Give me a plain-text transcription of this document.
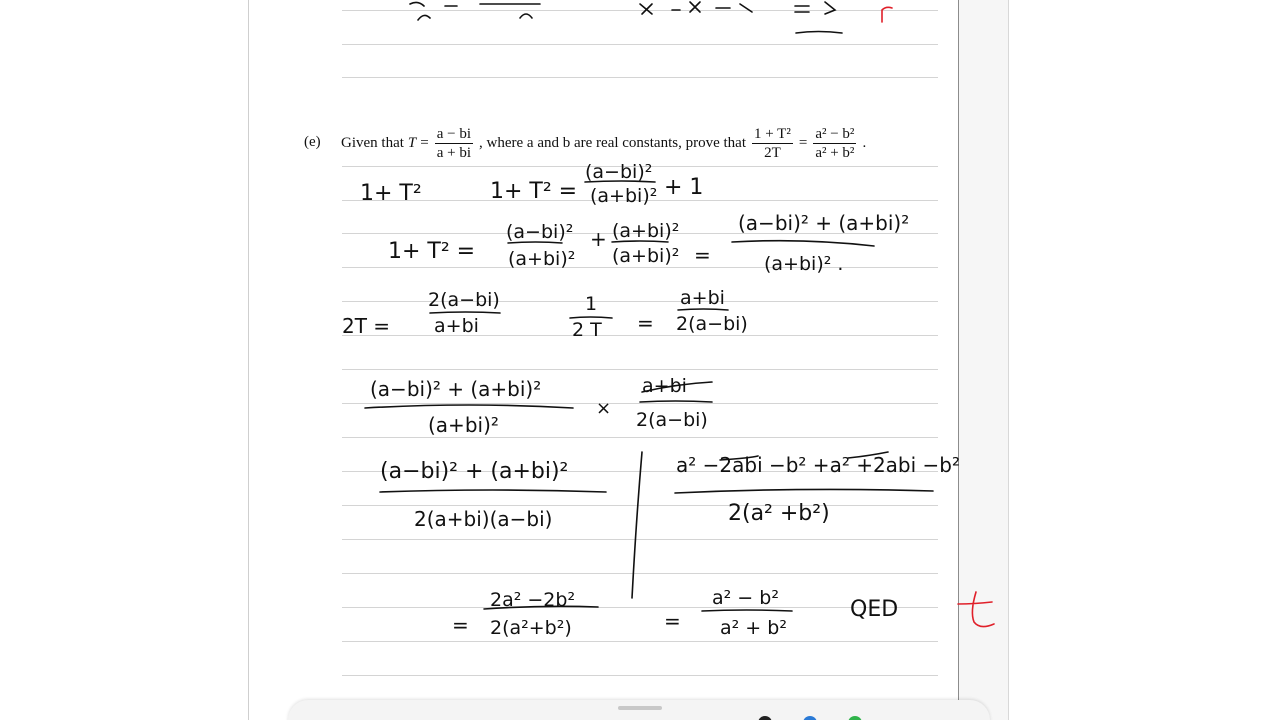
(e) Given that $T = \frac{a - bi}{a + bi}$ , where a and b are real constants, prove that $\frac{\text{1 + T²}}{2T} = \frac{\text{a² − b²}}{\text{a² + b²}}$ .
1+ T²	1+ T² =
(a−bi)²
(a+bi)² + 1
1+ T² =
(a−bi)²
(a+bi)²
+ (a+bi)²
(a+bi)² =
(a−bi)² + (a+bi)²
(a+bi)² .
2T =
2(a−bi)
a+bi
1
2 T =
a+bi
2(a−bi)
(a−bi)² + (a+bi)²
(a+bi)²
×
a+bi
2(a−bi)
(a−bi)² + (a+bi)²
2(a+bi)(a−bi)
a² −2abi −b² +a² +2abi −b²
2(a² +b²)
=
2a² −2b²
2(a²+b²)	=
a² − b²
a² + b²
QED
